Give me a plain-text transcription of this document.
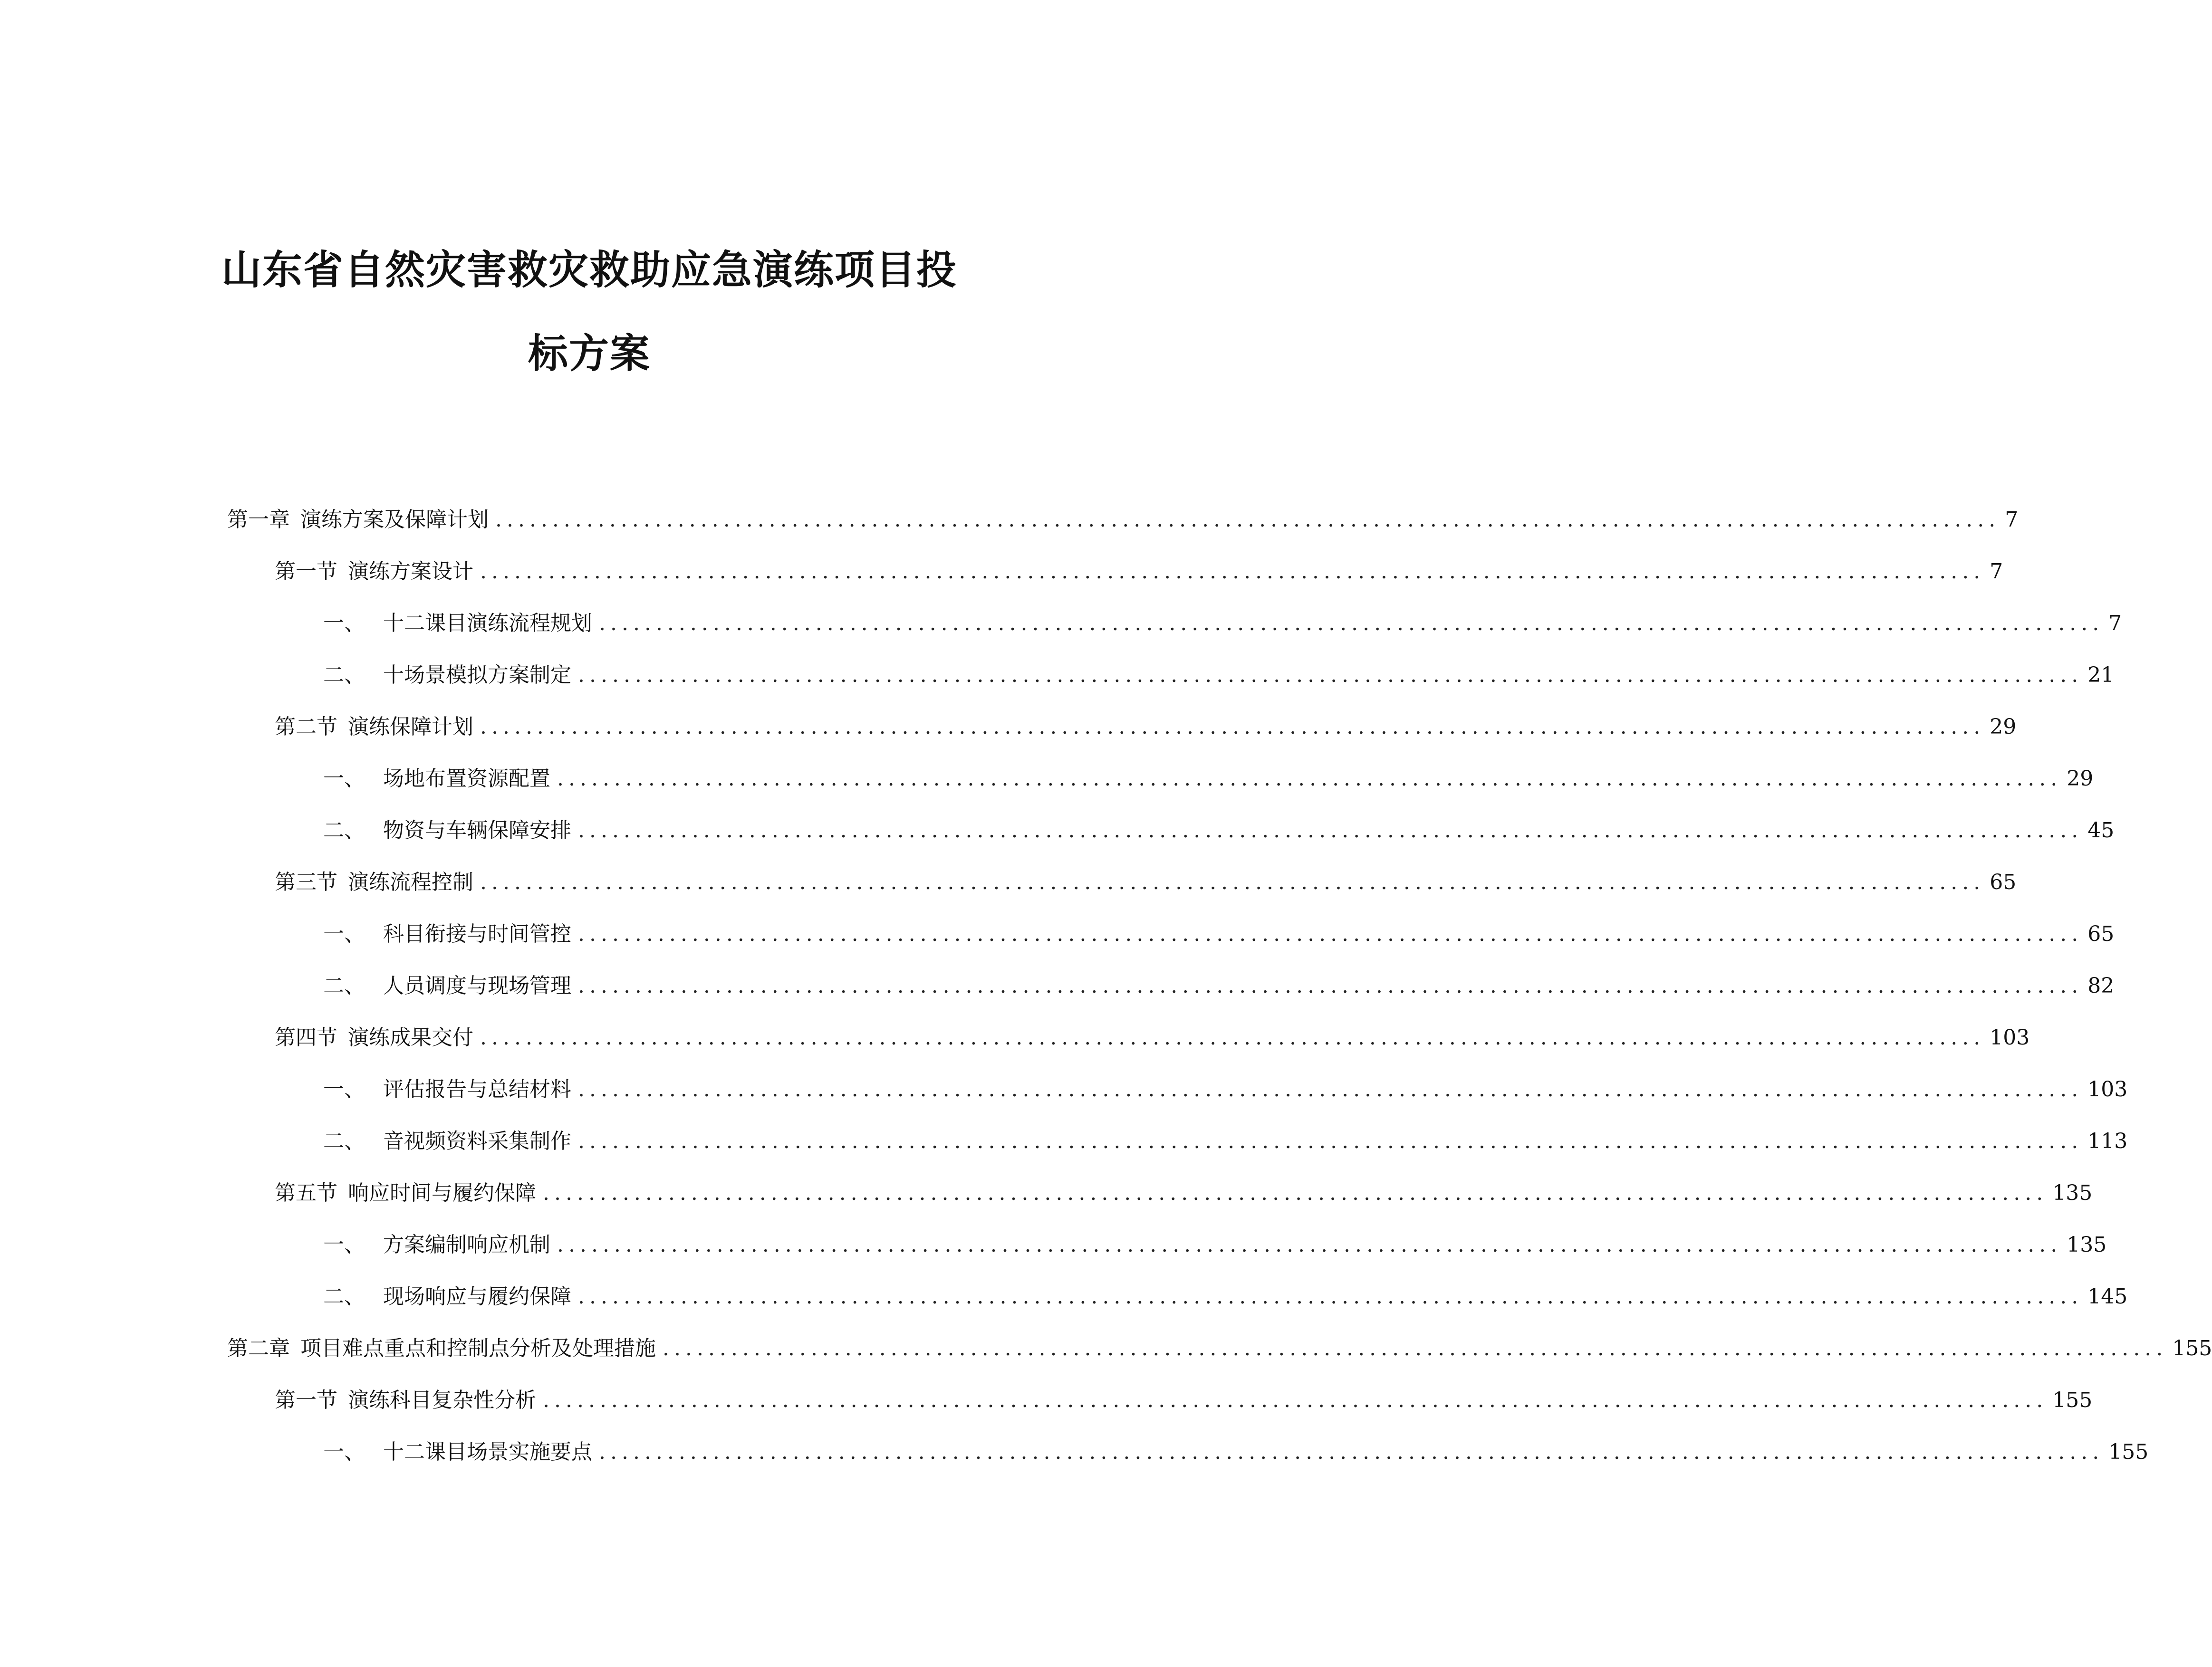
山东省自然灾害救灾救助应急演练项目投
标方案
第一章 演练方案及保障计划 .................................................................................................................................... 7
第一节 演练方案设计 .................................................................................................................................... 7
一、 十二课目演练流程规划 .................................................................................................................................... 7
二、 十场景模拟方案制定 .................................................................................................................................... 21
第二节 演练保障计划 .................................................................................................................................... 29
一、 场地布置资源配置 .................................................................................................................................... 29
二、 物资与车辆保障安排 .................................................................................................................................... 45
第三节 演练流程控制 .................................................................................................................................... 65
一、 科目衔接与时间管控 .................................................................................................................................... 65
二、 人员调度与现场管理 .................................................................................................................................... 82
第四节 演练成果交付 .................................................................................................................................... 103
一、 评估报告与总结材料 .................................................................................................................................... 103
二、 音视频资料采集制作 .................................................................................................................................... 113
第五节 响应时间与履约保障 .................................................................................................................................... 135
一、 方案编制响应机制 .................................................................................................................................... 135
二、 现场响应与履约保障 .................................................................................................................................... 145
第二章 项目难点重点和控制点分析及处理措施 .................................................................................................................................... 155
第一节 演练科目复杂性分析 .................................................................................................................................... 155
一、 十二课目场景实施要点 .................................................................................................................................... 155
